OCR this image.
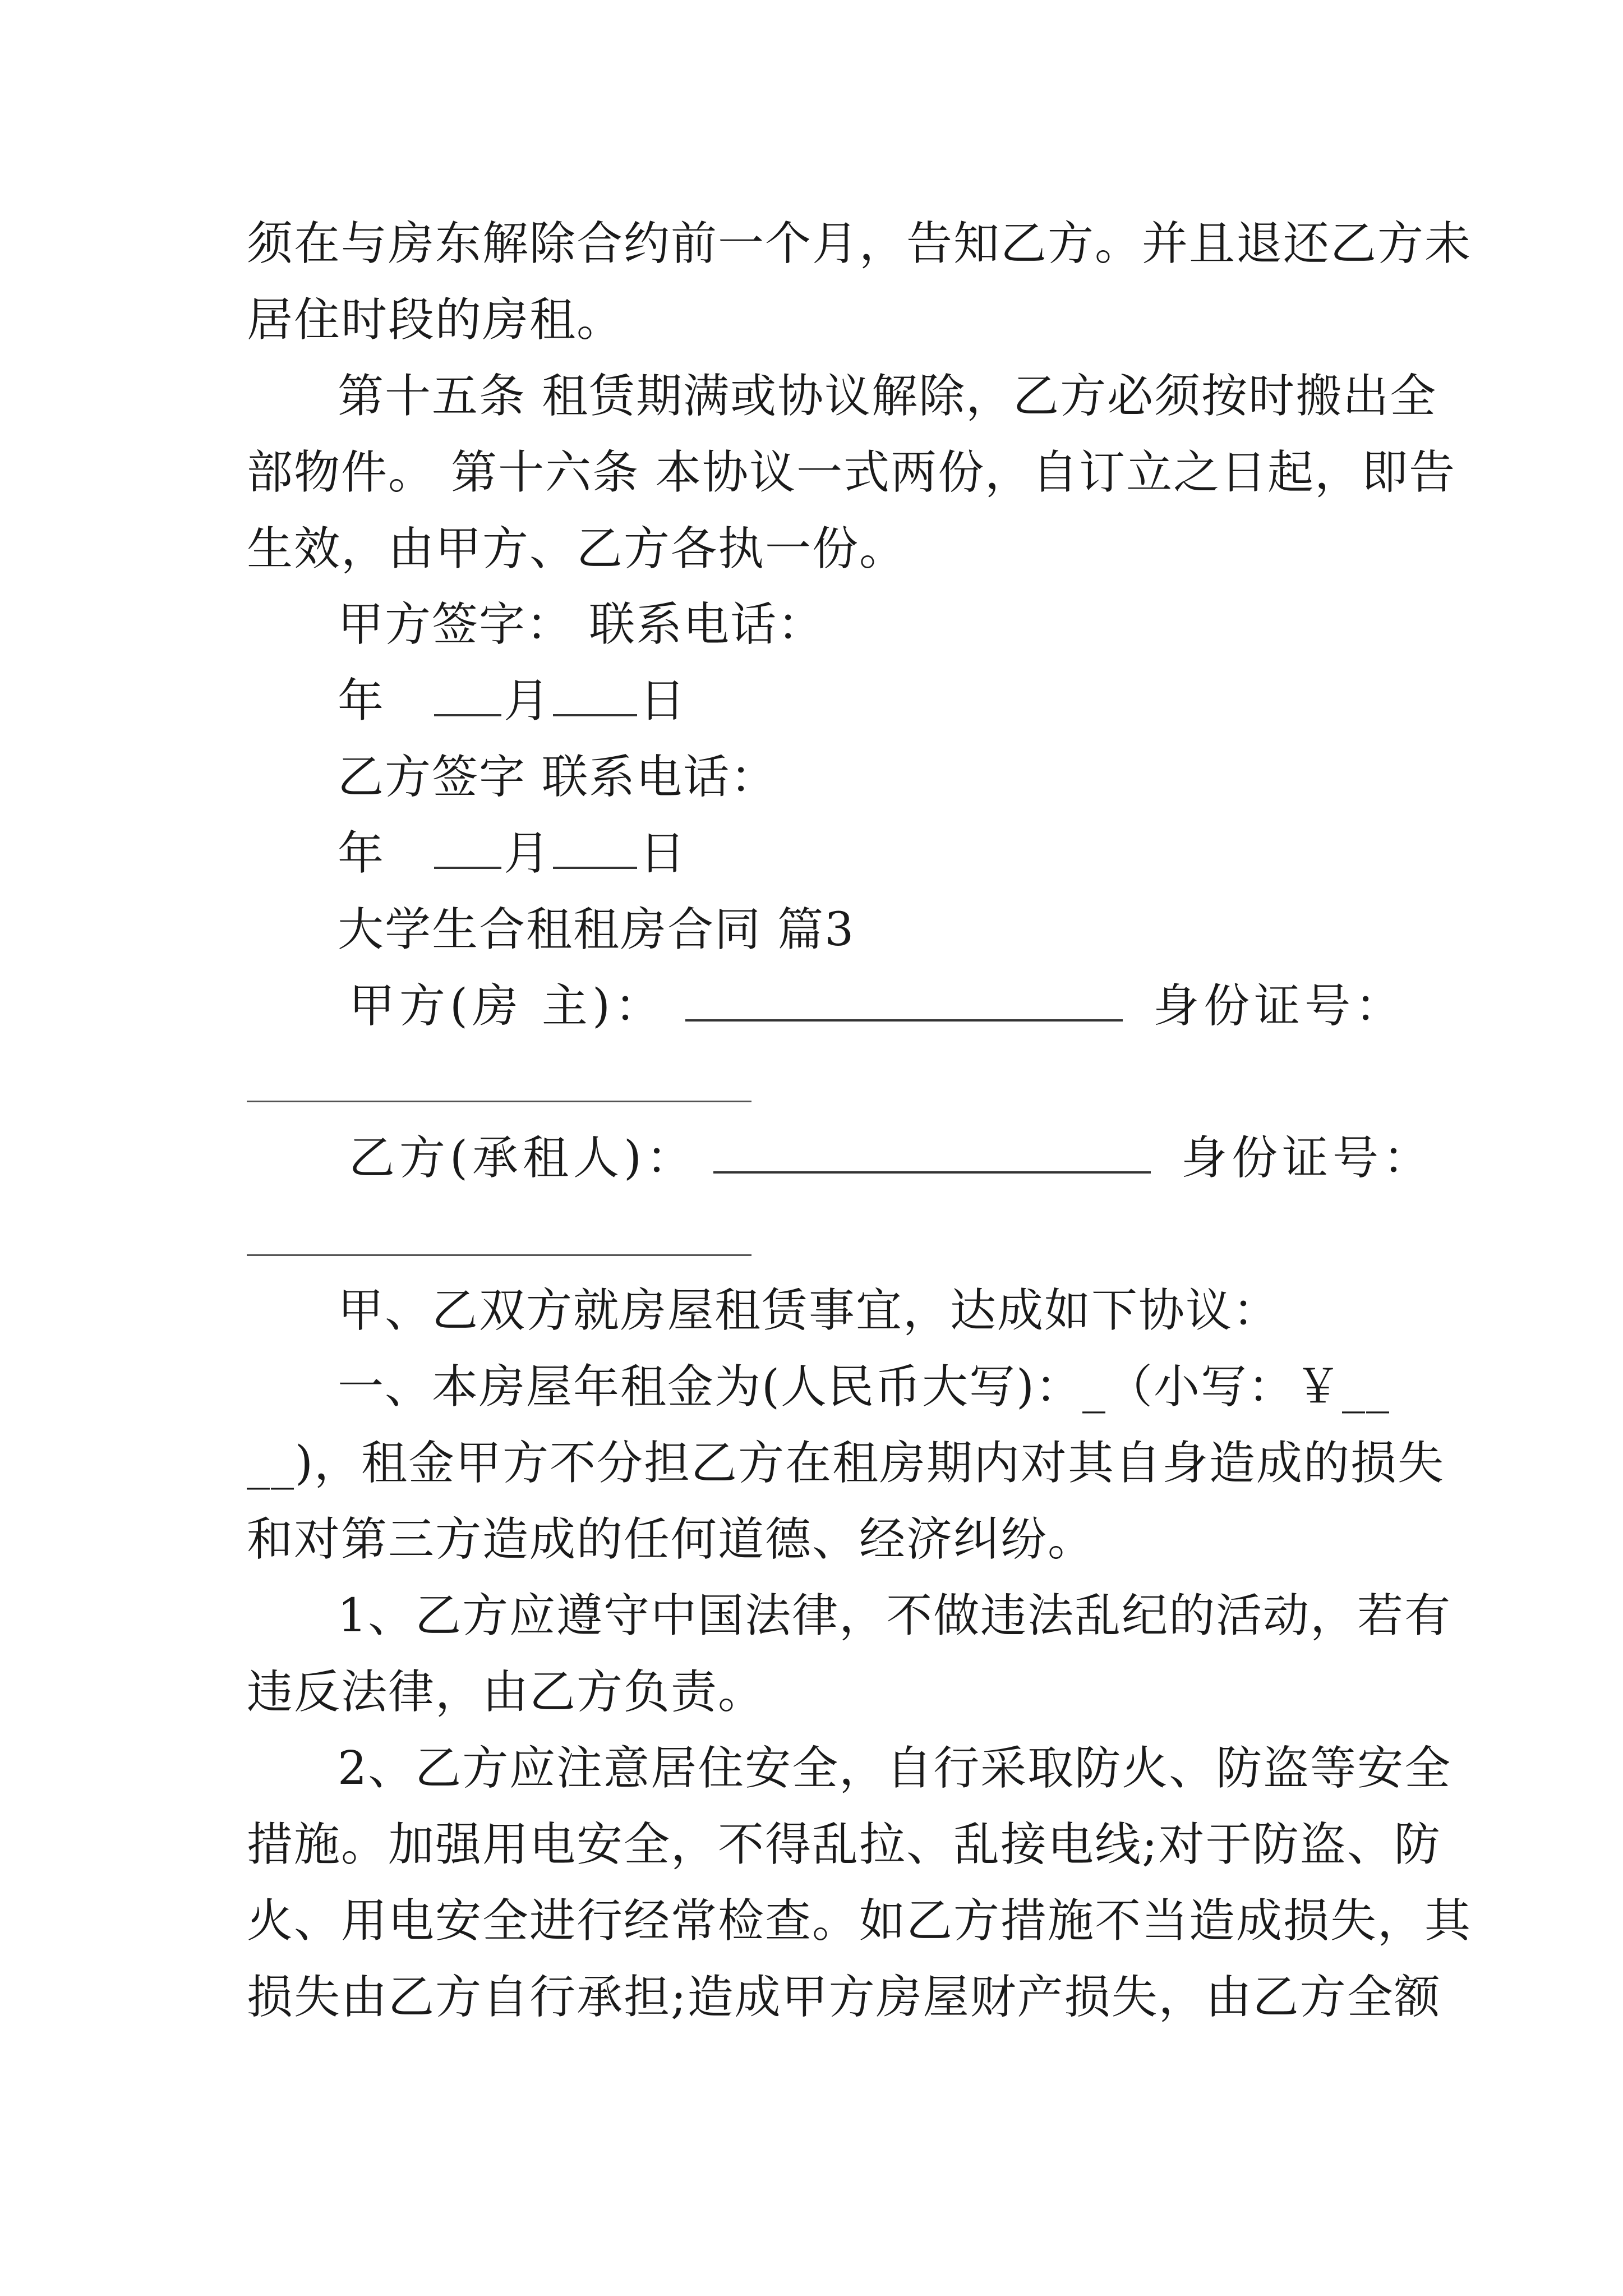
须在与房东解除合约前一个月，告知乙方。并且退还乙方未
居住时段的房租。
第十五条 租赁期满或协议解除，乙方必须按时搬出全
部物件。 第十六条 本协议一式两份，自订立之日起，即告
生效，由甲方、乙方各执一份。
甲方签字： 联系电话：
年	月 日
乙方签字 联系电话：
年	月 日
大学生合租租房合同 篇3
甲方(房 主)：	身份证号：
乙方(承租人)：	身份证号：
甲、乙双方就房屋租赁事宜，达成如下协议：
一、本房屋年租金为(人民币大写)：_（小写：￥__
__)，租金甲方不分担乙方在租房期内对其自身造成的损失
和对第三方造成的任何道德、经济纠纷。
1、乙方应遵守中国法律，不做违法乱纪的活动，若有
违反法律，由乙方负责。
2、乙方应注意居住安全，自行采取防火、防盗等安全
措施。加强用电安全，不得乱拉、乱接电线;对于防盗、防
火、用电安全进行经常检查。如乙方措施不当造成损失，其
损失由乙方自行承担;造成甲方房屋财产损失，由乙方全额
